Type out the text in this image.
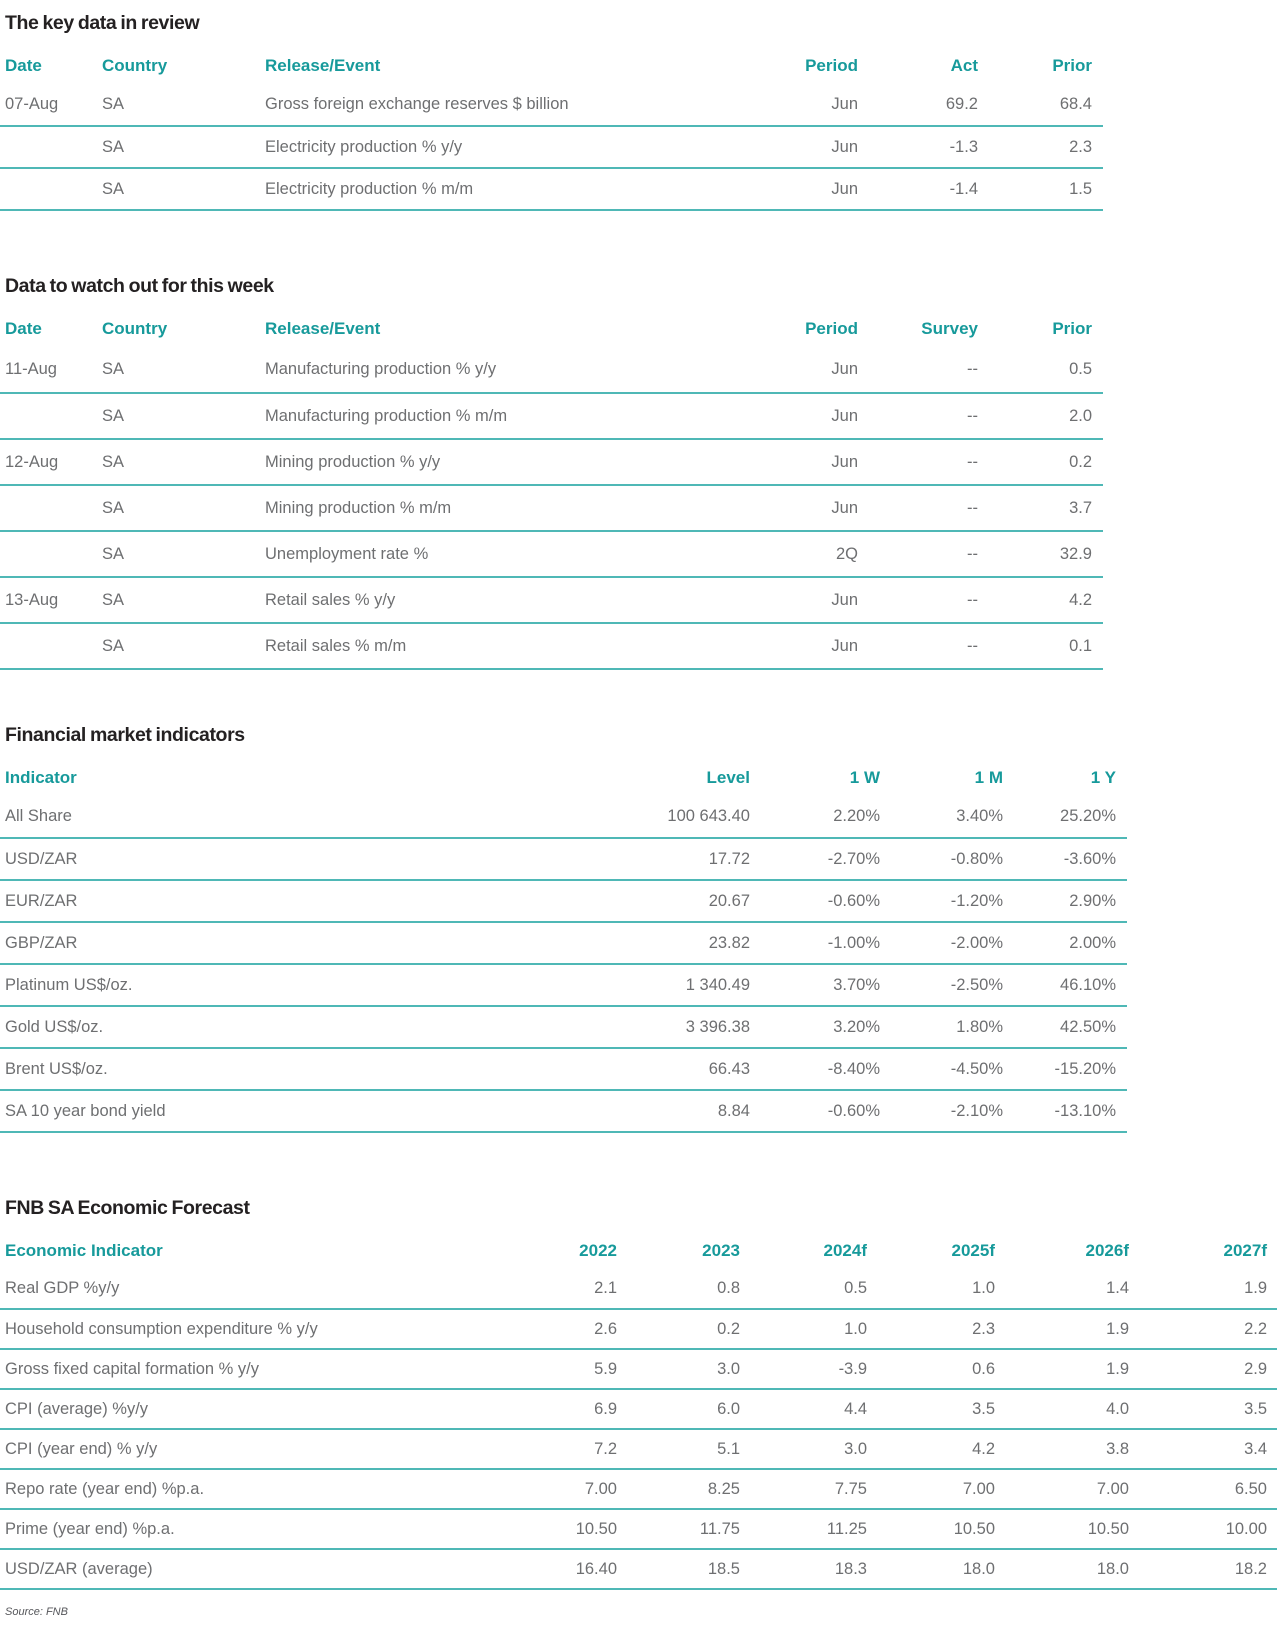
The key data in review
Date	Country	Release/Event	Period	Act	Prior
07-Aug	SA	Gross foreign exchange reserves $ billion	Jun	69.2	68.4
	SA	Electricity production % y/y	Jun	-1.3	2.3
	SA	Electricity production % m/m	Jun	-1.4	1.5
Data to watch out for this week
Date	Country	Release/Event	Period	Survey	Prior
11-Aug	SA	Manufacturing production % y/y	Jun	--	0.5
	SA	Manufacturing production % m/m	Jun	--	2.0
12-Aug	SA	Mining production % y/y	Jun	--	0.2
	SA	Mining production % m/m	Jun	--	3.7
	SA	Unemployment rate %	2Q	--	32.9
13-Aug	SA	Retail sales % y/y	Jun	--	4.2
	SA	Retail sales % m/m	Jun	--	0.1
Financial market indicators
Indicator	Level	1 W	1 M	1 Y
All Share	100 643.40	2.20%	3.40%	25.20%
USD/ZAR	17.72	-2.70%	-0.80%	-3.60%
EUR/ZAR	20.67	-0.60%	-1.20%	2.90%
GBP/ZAR	23.82	-1.00%	-2.00%	2.00%
Platinum US$/oz.	1 340.49	3.70%	-2.50%	46.10%
Gold US$/oz.	3 396.38	3.20%	1.80%	42.50%
Brent US$/oz.	66.43	-8.40%	-4.50%	-15.20%
SA 10 year bond yield	8.84	-0.60%	-2.10%	-13.10%
FNB SA Economic Forecast
Economic Indicator	2022	2023	2024f	2025f	2026f	2027f
Real GDP %y/y	2.1	0.8	0.5	1.0	1.4	1.9
Household consumption expenditure % y/y	2.6	0.2	1.0	2.3	1.9	2.2
Gross fixed capital formation % y/y	5.9	3.0	-3.9	0.6	1.9	2.9
CPI (average) %y/y	6.9	6.0	4.4	3.5	4.0	3.5
CPI (year end) % y/y	7.2	5.1	3.0	4.2	3.8	3.4
Repo rate (year end) %p.a.	7.00	8.25	7.75	7.00	7.00	6.50
Prime (year end) %p.a.	10.50	11.75	11.25	10.50	10.50	10.00
USD/ZAR (average)	16.40	18.5	18.3	18.0	18.0	18.2
Source: FNB
